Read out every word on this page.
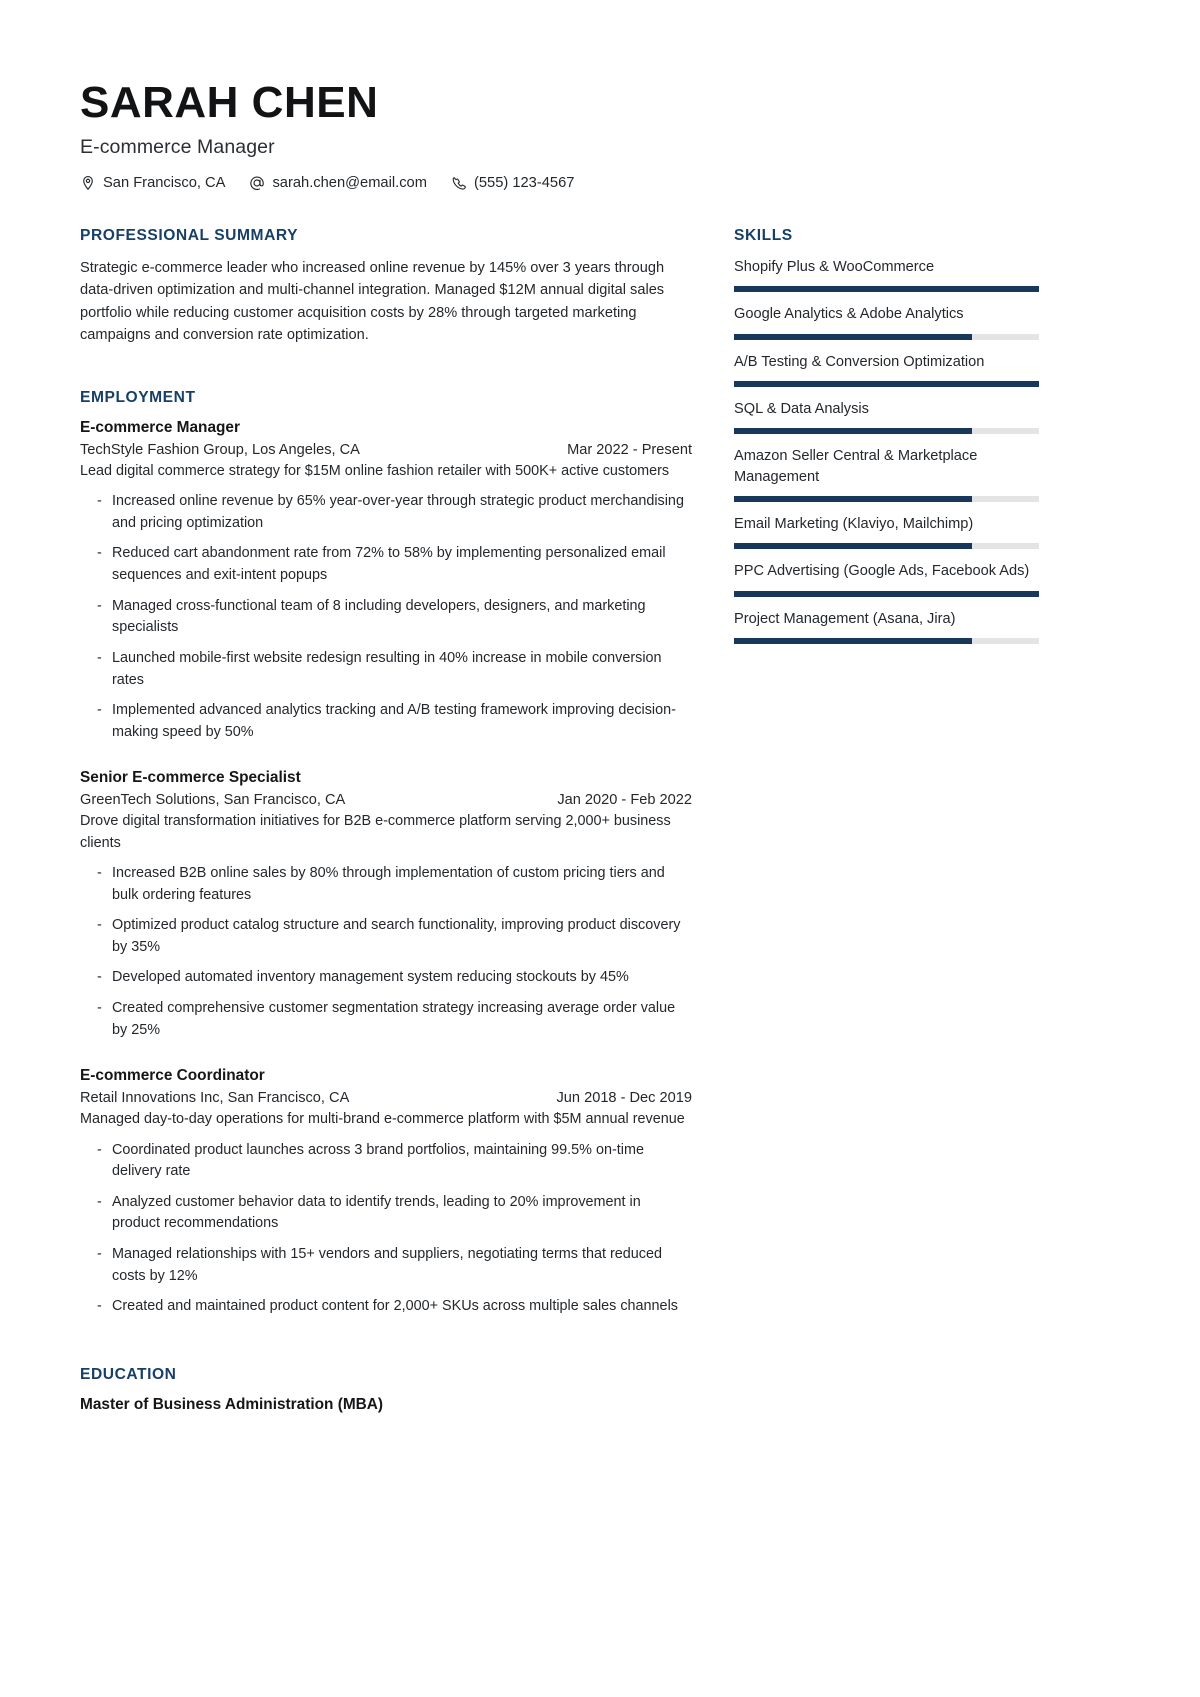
SARAH CHEN
E-commerce Manager
San Francisco, CA	sarah.chen@email.com	(555) 123-4567
PROFESSIONAL SUMMARY

Strategic e-commerce leader who increased online revenue by 145% over 3 years through data-driven optimization and multi-channel integration. Managed $12M annual digital sales portfolio while reducing customer acquisition costs by 28% through targeted marketing campaigns and conversion rate optimization.

EMPLOYMENT
E-commerce Manager
TechStyle Fashion Group, Los Angeles, CA	Mar 2022 - Present
Lead digital commerce strategy for $15M online fashion retailer with 500K+ active customers
- Increased online revenue by 65% year-over-year through strategic product merchandising and pricing optimization
- Reduced cart abandonment rate from 72% to 58% by implementing personalized email sequences and exit-intent popups
- Managed cross-functional team of 8 including developers, designers, and marketing specialists
- Launched mobile-first website redesign resulting in 40% increase in mobile conversion rates
- Implemented advanced analytics tracking and A/B testing framework improving decision-making speed by 50%
Senior E-commerce Specialist
GreenTech Solutions, San Francisco, CA	Jan 2020 - Feb 2022
Drove digital transformation initiatives for B2B e-commerce platform serving 2,000+ business clients
- Increased B2B online sales by 80% through implementation of custom pricing tiers and bulk ordering features
- Optimized product catalog structure and search functionality, improving product discovery by 35%
- Developed automated inventory management system reducing stockouts by 45%
- Created comprehensive customer segmentation strategy increasing average order value by 25%
E-commerce Coordinator
Retail Innovations Inc, San Francisco, CA	Jun 2018 - Dec 2019
Managed day-to-day operations for multi-brand e-commerce platform with $5M annual revenue
- Coordinated product launches across 3 brand portfolios, maintaining 99.5% on-time delivery rate
- Analyzed customer behavior data to identify trends, leading to 20% improvement in product recommendations
- Managed relationships with 15+ vendors and suppliers, negotiating terms that reduced costs by 12%
- Created and maintained product content for 2,000+ SKUs across multiple sales channels
EDUCATION
Master of Business Administration (MBA)
SKILLS
Shopify Plus & WooCommerce
Google Analytics & Adobe Analytics
A/B Testing & Conversion Optimization
SQL & Data Analysis
Amazon Seller Central & Marketplace Management
Email Marketing (Klaviyo, Mailchimp)
PPC Advertising (Google Ads, Facebook Ads)
Project Management (Asana, Jira)
